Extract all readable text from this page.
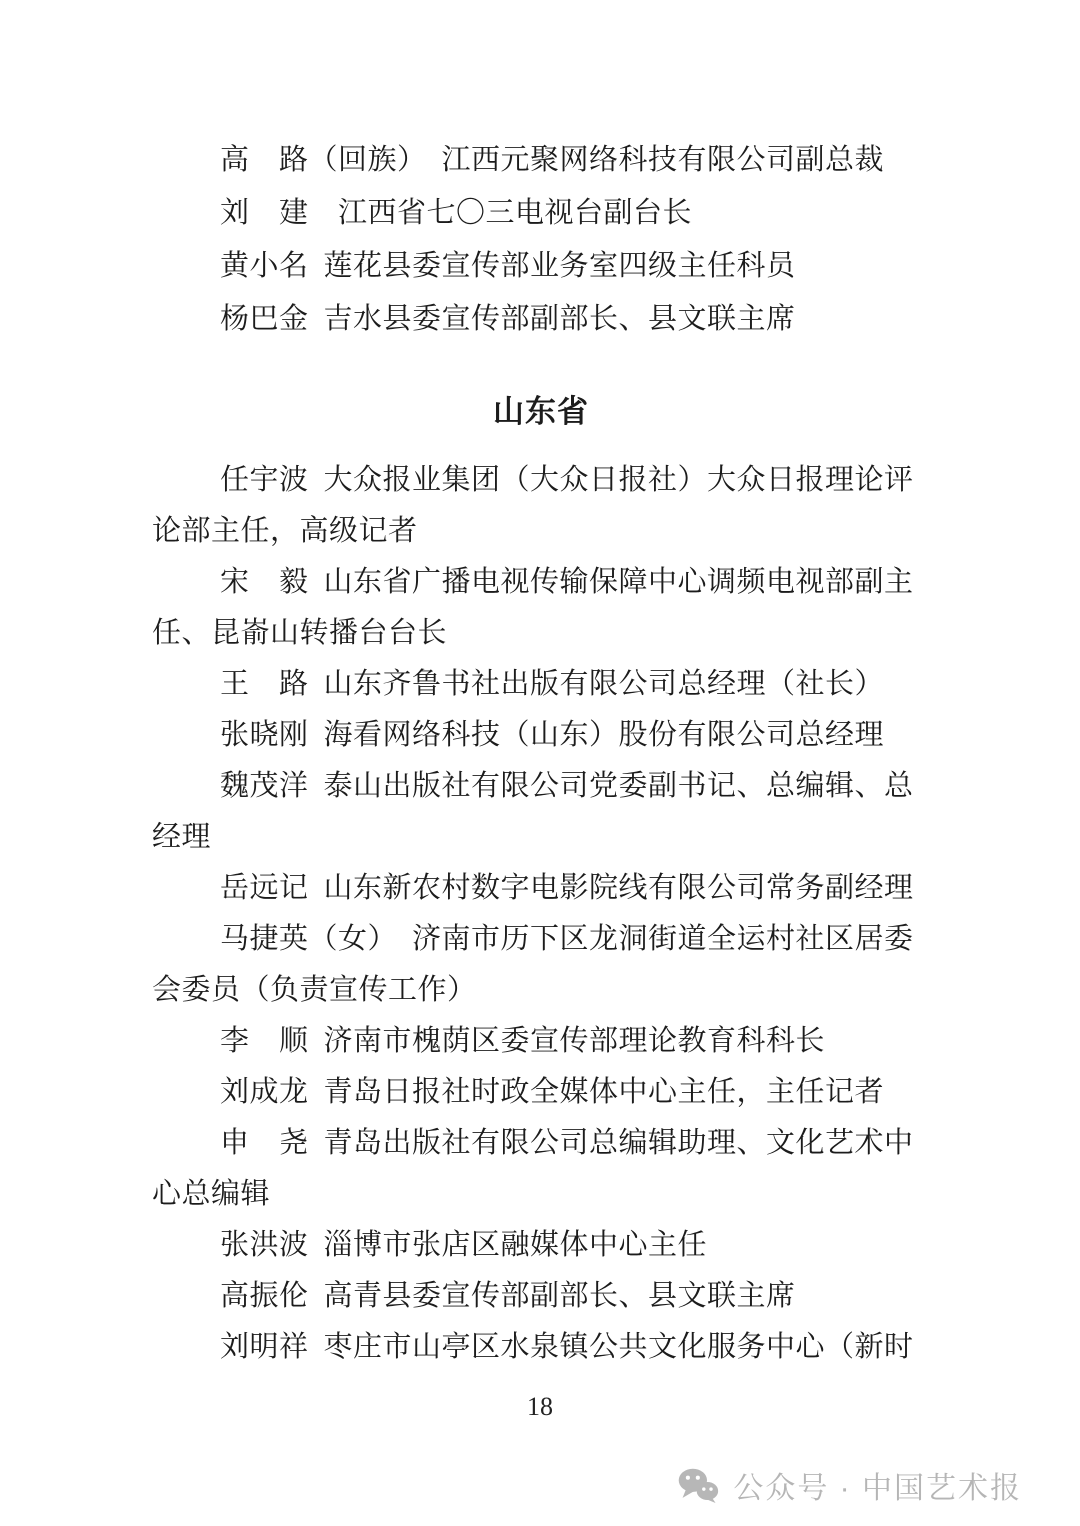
高　路（回族）　江西元聚网络科技有限公司副总裁
刘　建　江西省七〇三电视台副台长
黄小名 莲花县委宣传部业务室四级主任科员
杨巴金 吉水县委宣传部副部长、县文联主席
山东省
任宇波 大众报业集团（大众日报社）大众日报理论评
论部主任，高级记者
宋　毅 山东省广播电视传输保障中心调频电视部副主
任、昆嵛山转播台台长
王　路 山东齐鲁书社出版有限公司总经理（社长）
张晓刚 海看网络科技（山东）股份有限公司总经理
魏茂洋 泰山出版社有限公司党委副书记、总编辑、总
经理
岳远记 山东新农村数字电影院线有限公司常务副经理
马捷英（女）　济南市历下区龙洞街道全运村社区居委
会委员（负责宣传工作）
李　顺 济南市槐荫区委宣传部理论教育科科长
刘成龙 青岛日报社时政全媒体中心主任，主任记者
申　尧 青岛出版社有限公司总编辑助理、文化艺术中
心总编辑
张洪波 淄博市张店区融媒体中心主任
高振伦 高青县委宣传部副部长、县文联主席
刘明祥 枣庄市山亭区水泉镇公共文化服务中心（新时
18
公众号 · 中国艺术报
